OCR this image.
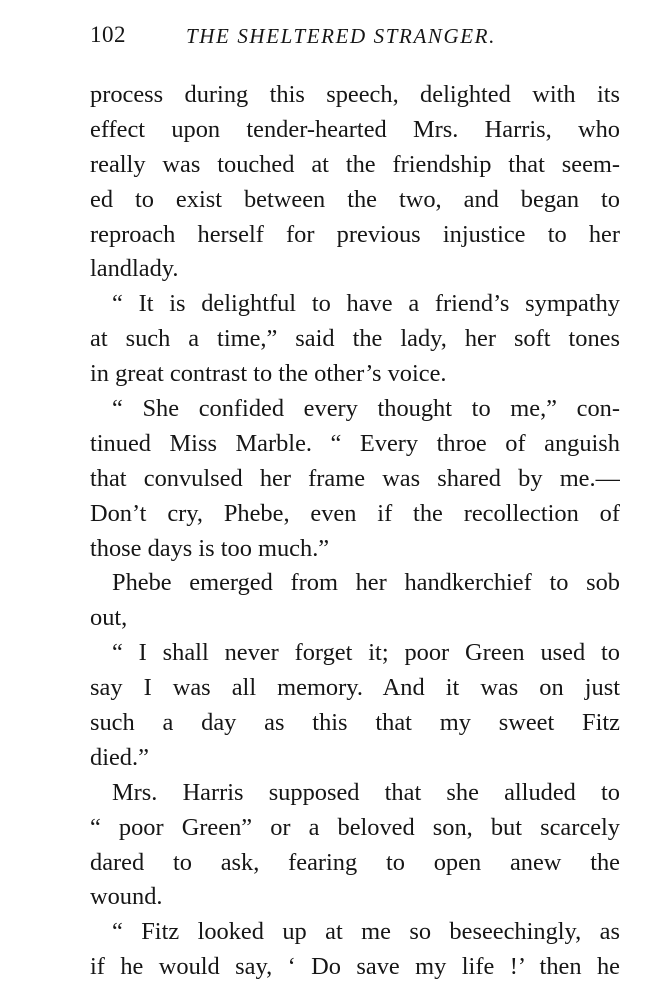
102	THE SHELTERED STRANGER.
process during this speech, delighted with its
effect upon tender-hearted Mrs. Harris, who
really was touched at the friendship that seem-
ed to exist between the two, and began to
reproach herself for previous injustice to her
landlady.
“ It is delightful to have a friend’s sympathy
at such a time,” said the lady, her soft tones
in great contrast to the other’s voice.
“ She confided every thought to me,” con-
tinued Miss Marble. “ Every throe of anguish
that convulsed her frame was shared by me.—
Don’t cry, Phebe, even if the recollection of
those days is too much.”
Phebe emerged from her handkerchief to sob
out,
“ I shall never forget it; poor Green used to
say I was all memory. And it was on just
such a day as this that my sweet Fitz
died.”
Mrs. Harris supposed that she alluded to
“ poor Green” or a beloved son, but scarcely
dared to ask, fearing to open anew the
wound.
“ Fitz looked up at me so beseechingly, as
if he would say, ‘ Do save my life !’ then he
